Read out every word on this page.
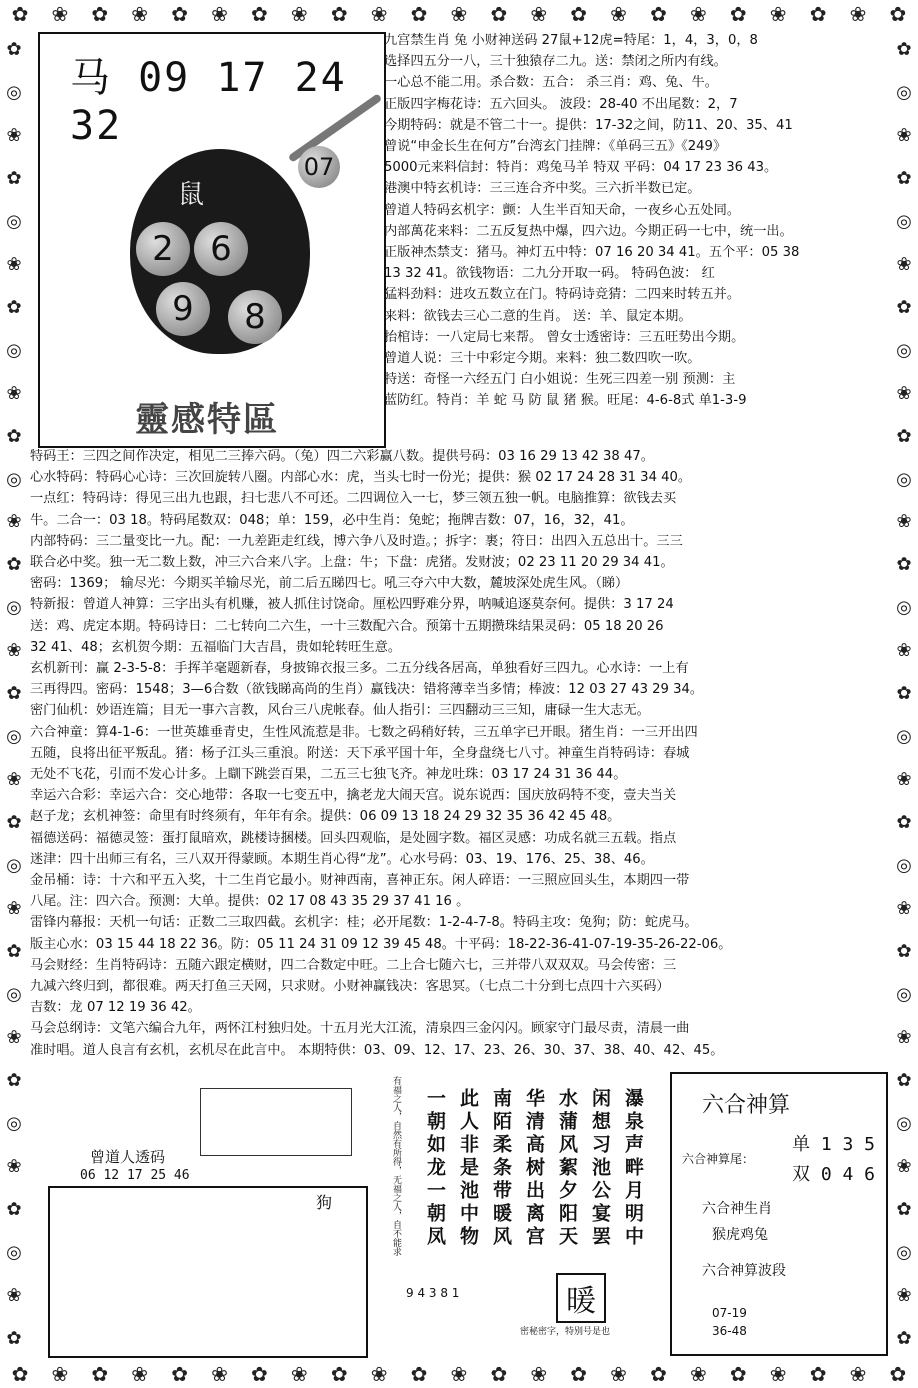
✿ ❀ ✿ ❀ ✿ ❀ ✿ ❀ ✿ ❀ ✿ ❀ ✿ ❀ ✿ ❀ ✿ ❀ ✿ ❀ ✿ ❀ ✿
✿
◎
❀
✿
◎
❀
✿
◎
❀
✿
◎
❀
✿
◎
❀
✿
◎
❀
✿
◎
❀
✿
◎
❀
✿
◎
❀
✿
◎
❀
✿
✿
◎
❀
✿
◎
❀
✿
◎
❀
✿
◎
❀
✿
◎
❀
✿
◎
❀
✿
◎
❀
✿
◎
❀
✿
◎
❀
✿
◎
❀
✿
✿ ❀ ✿ ❀ ✿ ❀ ✿ ❀ ✿ ❀ ✿ ❀ ✿ ❀ ✿ ❀ ✿ ❀ ✿ ❀ ✿ ❀ ✿
马 09 17 24 32
鼠
2	6
9	8
07
靈感特區

九宫禁生肖 兔 小财神送码 27鼠+12虎=特尾：1，4，3，0，8

选择四五分一八，三十独猿存二九。送：禁闭之所内有线。

一心总不能二用。杀合数：五合： 杀三肖：鸡、兔、牛。

正版四字梅花诗：五六回头。 波段：28-40 不出尾数：2，7

今期特码：就是不管二十一。提供：17-32之间，防11、20、35、41

曾说“申金长生在何方”台湾玄门挂牌：《单码三五》《249》

5000元来料信封：特肖：鸡兔马羊 特双 平码：04 17 23 36 43。

港澳中特玄机诗：三三连合齐中奖。三六折半数已定。

曾道人特码玄机字：颤：人生半百知天命，一夜乡心五处同。

内部萬花来料：二五反复热中爆，四六边。今期正码一七中，统一出。

正版神杰禁支：猪马。神灯五中特：07 16 20 34 41。五个平：05 38

13 32 41。欲钱物语：二九分开取一码。 特码色波： 红

猛料劲料：进攻五数立在门。特码诗竞猜：二四来时转五并。

来料：欲钱去三心二意的生肖。 送：羊、鼠定本期。

抬棺诗：一八定局七来帮。 曾女士透密诗：三五旺势出今期。

曾道人说：三十中彩定今期。来料：独二数四吹一吹。

特送：奇怪一六经五门 白小姐说：生死三四差一别 预测：主

蓝防红。特肖：羊 蛇 马 防 鼠 猪 猴。旺尾：4-6-8式 单1-3-9

特码王：三四之间作决定，相见二三捧六码。（兔）四二六彩赢八数。提供号码：03 16 29 13 42 38 47。

心水特码：特码心心诗：三次回旋转八圈。内部心水：虎，当头七时一份光；提供：猴 02 17 24 28 31 34 40。

一点红：特码诗：得见三出九也跟，扫七悲八不可还。二四调位入一七，梦三领五独一帆。电脑推算：欲钱去买

牛。二合一：03 18。特码尾数双：048；单：159，必中生肖：兔蛇；拖牌吉数：07，16，32，41。

内部特码：三二量变比一九。配：一九差距走红线，博六争八及时造。；拆字：裹；符日：出四入五总出十。三三

联合必中奖。独一无二数上数，冲三六合来八字。上盘：牛；下盘：虎猪。发财波；02 23 11 20 29 34 41。

密码：1369； 输尽光：今期买羊输尽光，前二后五睇四七。吼三夺六中大数，麓坡深处虎生风。（睇）

特新报：曾道人神算：三字出头有机赚，被人抓住讨饶命。厘松四野难分界，呐喊追逐莫奈何。提供：3 17 24

送：鸡、虎定本期。特码诗日：二七转向二六生，一十三数配六合。预第十五期攒珠结果灵码：05 18 20 26

32 41、48；玄机贺今期：五福临门大吉昌，贵如轮转旺生意。

玄机新刊：赢 2-3-5-8：手挥羊毫题新春，身披锦衣报三多。二五分线各居高，单独看好三四九。心水诗：一上有

三再得四。密码：1548；3—6合数（欲钱睇高尚的生肖）赢钱决：错将薄幸当多情；棒波：12 03 27 43 29 34。

密门仙机：妙语连篇；目无一事六言教，风台三八虎帐春。仙人指引：三四翻动三三知，庸碌一生大志无。

六合神童：算4-1-6：一世英雄垂青史，生性风流惹是非。七数之码稍好转，三五单字已开眼。猪生肖：一三开出四

五随，良将出征平叛乱。猪：杨子江头三重浪。附送：天下承平国十年，全身盘绕七八寸。神童生肖特码诗：春城

无处不飞花，引而不发心计多。上瞓下跳尝百果，二五三七独飞齐。神龙吐珠：03 17 24 31 36 44。

幸运六合彩：幸运六合：交心地带：各取一七变五中，擒老龙大闹天宫。说东说西：国庆放码特不变，壹夫当关

赵子龙；玄机神签：命里有时终须有，年年有余。提供：06 09 13 18 24 29 32 35 36 42 45 48。

福德送码：福德灵签：蛋打鼠暗欢，跳楼诗捆楼。回头四观临，是处圆字数。福区灵感：功成名就三五载。指点

迷津：四十出师三有名，三八双开得蒙顾。本期生肖心得“龙”。心水号码：03、19、176、25、38、46。

金吊桶：诗：十六和平五入奖，十二生肖它最小。财神西南，喜神正东。闲人碎语：一三照应回头生，本期四一带

八尾。注：四六合。预测：大单。提供：02 17 08 43 35 29 37 41 16 。

雷锋内幕报：天机一句话：正数二三取四截。玄机字：桂；必开尾数：1-2-4-7-8。特码主攻：兔狗；防：蛇虎马。

版主心水：03 15 44 18 22 36。防：05 11 24 31 09 12 39 45 48。十平码：18-22-36-41-07-19-35-26-22-06。

马会财经：生肖特码诗：五随六跟定横财，四二合数定中旺。二上合七随六七，三并带八双双双。马会传密：三

九减六终归到，都很难。两天打鱼三天网，只求财。小财神赢钱决：客思冥。（七点二十分到七点四十六买码）

吉数：龙 07 12 19 36 42。

马会总纲诗：文笔六编合九年，两怀江村独归处。十五月光大江流，清泉四三金闪闪。顾家守门最尽责，清晨一曲

准时唱。道人良言有玄机，玄机尽在此言中。 本期特供：03、09、12、17、23、26、30、37、38、40、42、45。

曾道人透码
06 12 17 25 46
狗	有福之人，自然有所得，无福之人，自不能求	瀑泉声畔月明中
闲想习池公宴罢
水蒲风絮夕阳天
华清高树出离宫
南陌柔条带暖风
此人非是池中物
一朝如龙一朝凤
9 4 3 8 1	暖
密秘密字，特别号是也
六合神算
六合神算尾：
单 1 3 5
双 0 4 6
六合神生肖
猴虎鸡兔
六合神算波段
07-19
36-48
